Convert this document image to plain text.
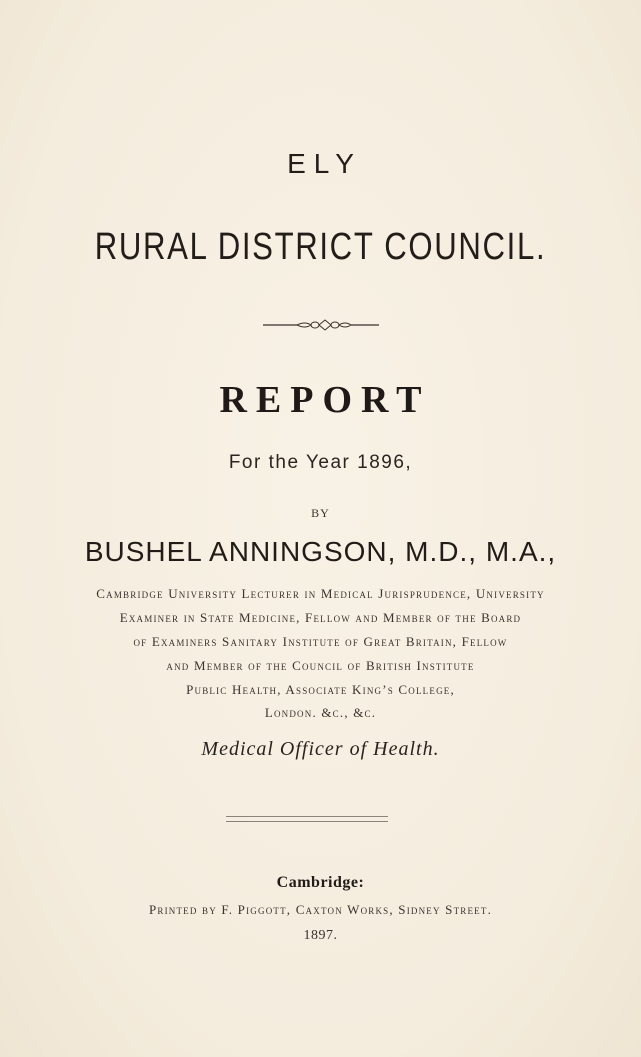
ELY
RURAL DISTRICT COUNCIL.
REPORT
For the Year 1896,
BY
BUSHEL ANNINGSON, M.D., M.A.,
Cambridge University Lecturer in Medical Jurisprudence, University
Examiner in State Medicine, Fellow and Member of the Board
of Examiners Sanitary Institute of Great Britain, Fellow
and Member of the Council of British Institute
Public Health, Associate King’s College,
London. &c., &c.
Medical Officer of Health.
Cambridge:
Printed by F. Piggott, Caxton Works, Sidney Street.
1897.
